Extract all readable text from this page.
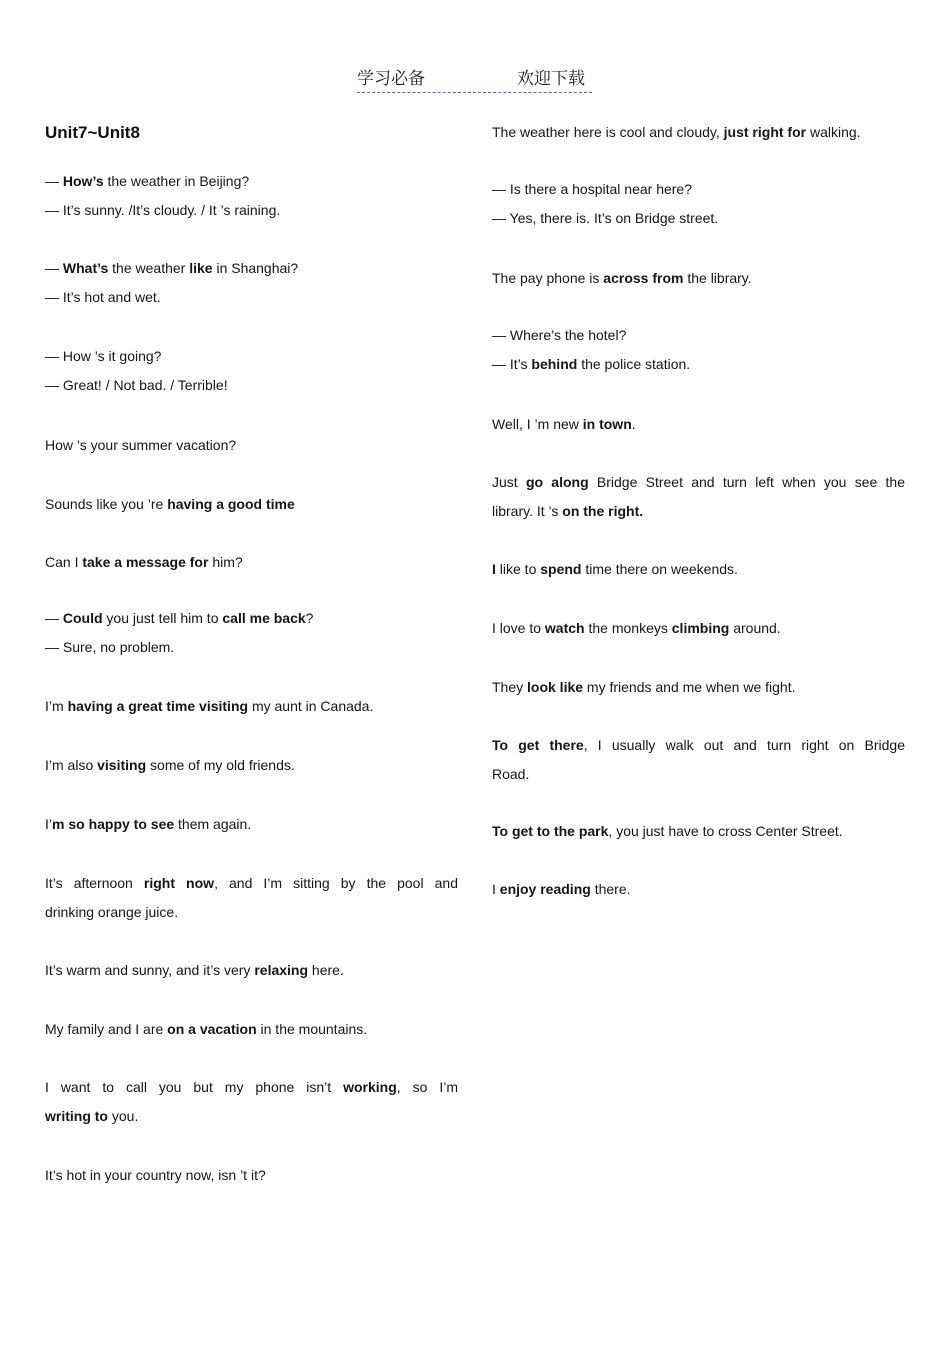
学习必备	欢迎下载
Unit7~Unit8
— How’s the weather in Beijing?
— It’s sunny. /It’s cloudy. / It ’s raining.
— What’s the weather like in Shanghai?
— It’s hot and wet.
— How ’s it going?
— Great! / Not bad. / Terrible!
How ’s your summer vacation?
Sounds like you ’re having a good time
Can I take a message for him?
— Could you just tell him to call me back?
— Sure, no problem.
I’m having a great time visiting my aunt in Canada.
I’m also visiting some of my old friends.
I’m so happy to see them again.
It’s afternoon right now, and I’m sitting by the pool and
drinking orange juice.
It’s warm and sunny, and it’s very relaxing here.
My family and I are on a vacation in the mountains.
I want to call you but my phone isn’t working, so I’m
writing to you.
It’s hot in your country now, isn ’t it?
The weather here is cool and cloudy, just right for walking.
— Is there a hospital near here?
— Yes, there is. It’s on Bridge street.
The pay phone is across from the library.
— Where’s the hotel?
— It’s behind the police station.
Well, I ’m new in town.
Just go along Bridge Street and turn left when you see the
library. It ’s on the right.
I like to spend time there on weekends.
I love to watch the monkeys climbing around.
They look like my friends and me when we fight.
To get there, I usually walk out and turn right on Bridge
Road.
To get to the park, you just have to cross Center Street.
I enjoy reading there.
